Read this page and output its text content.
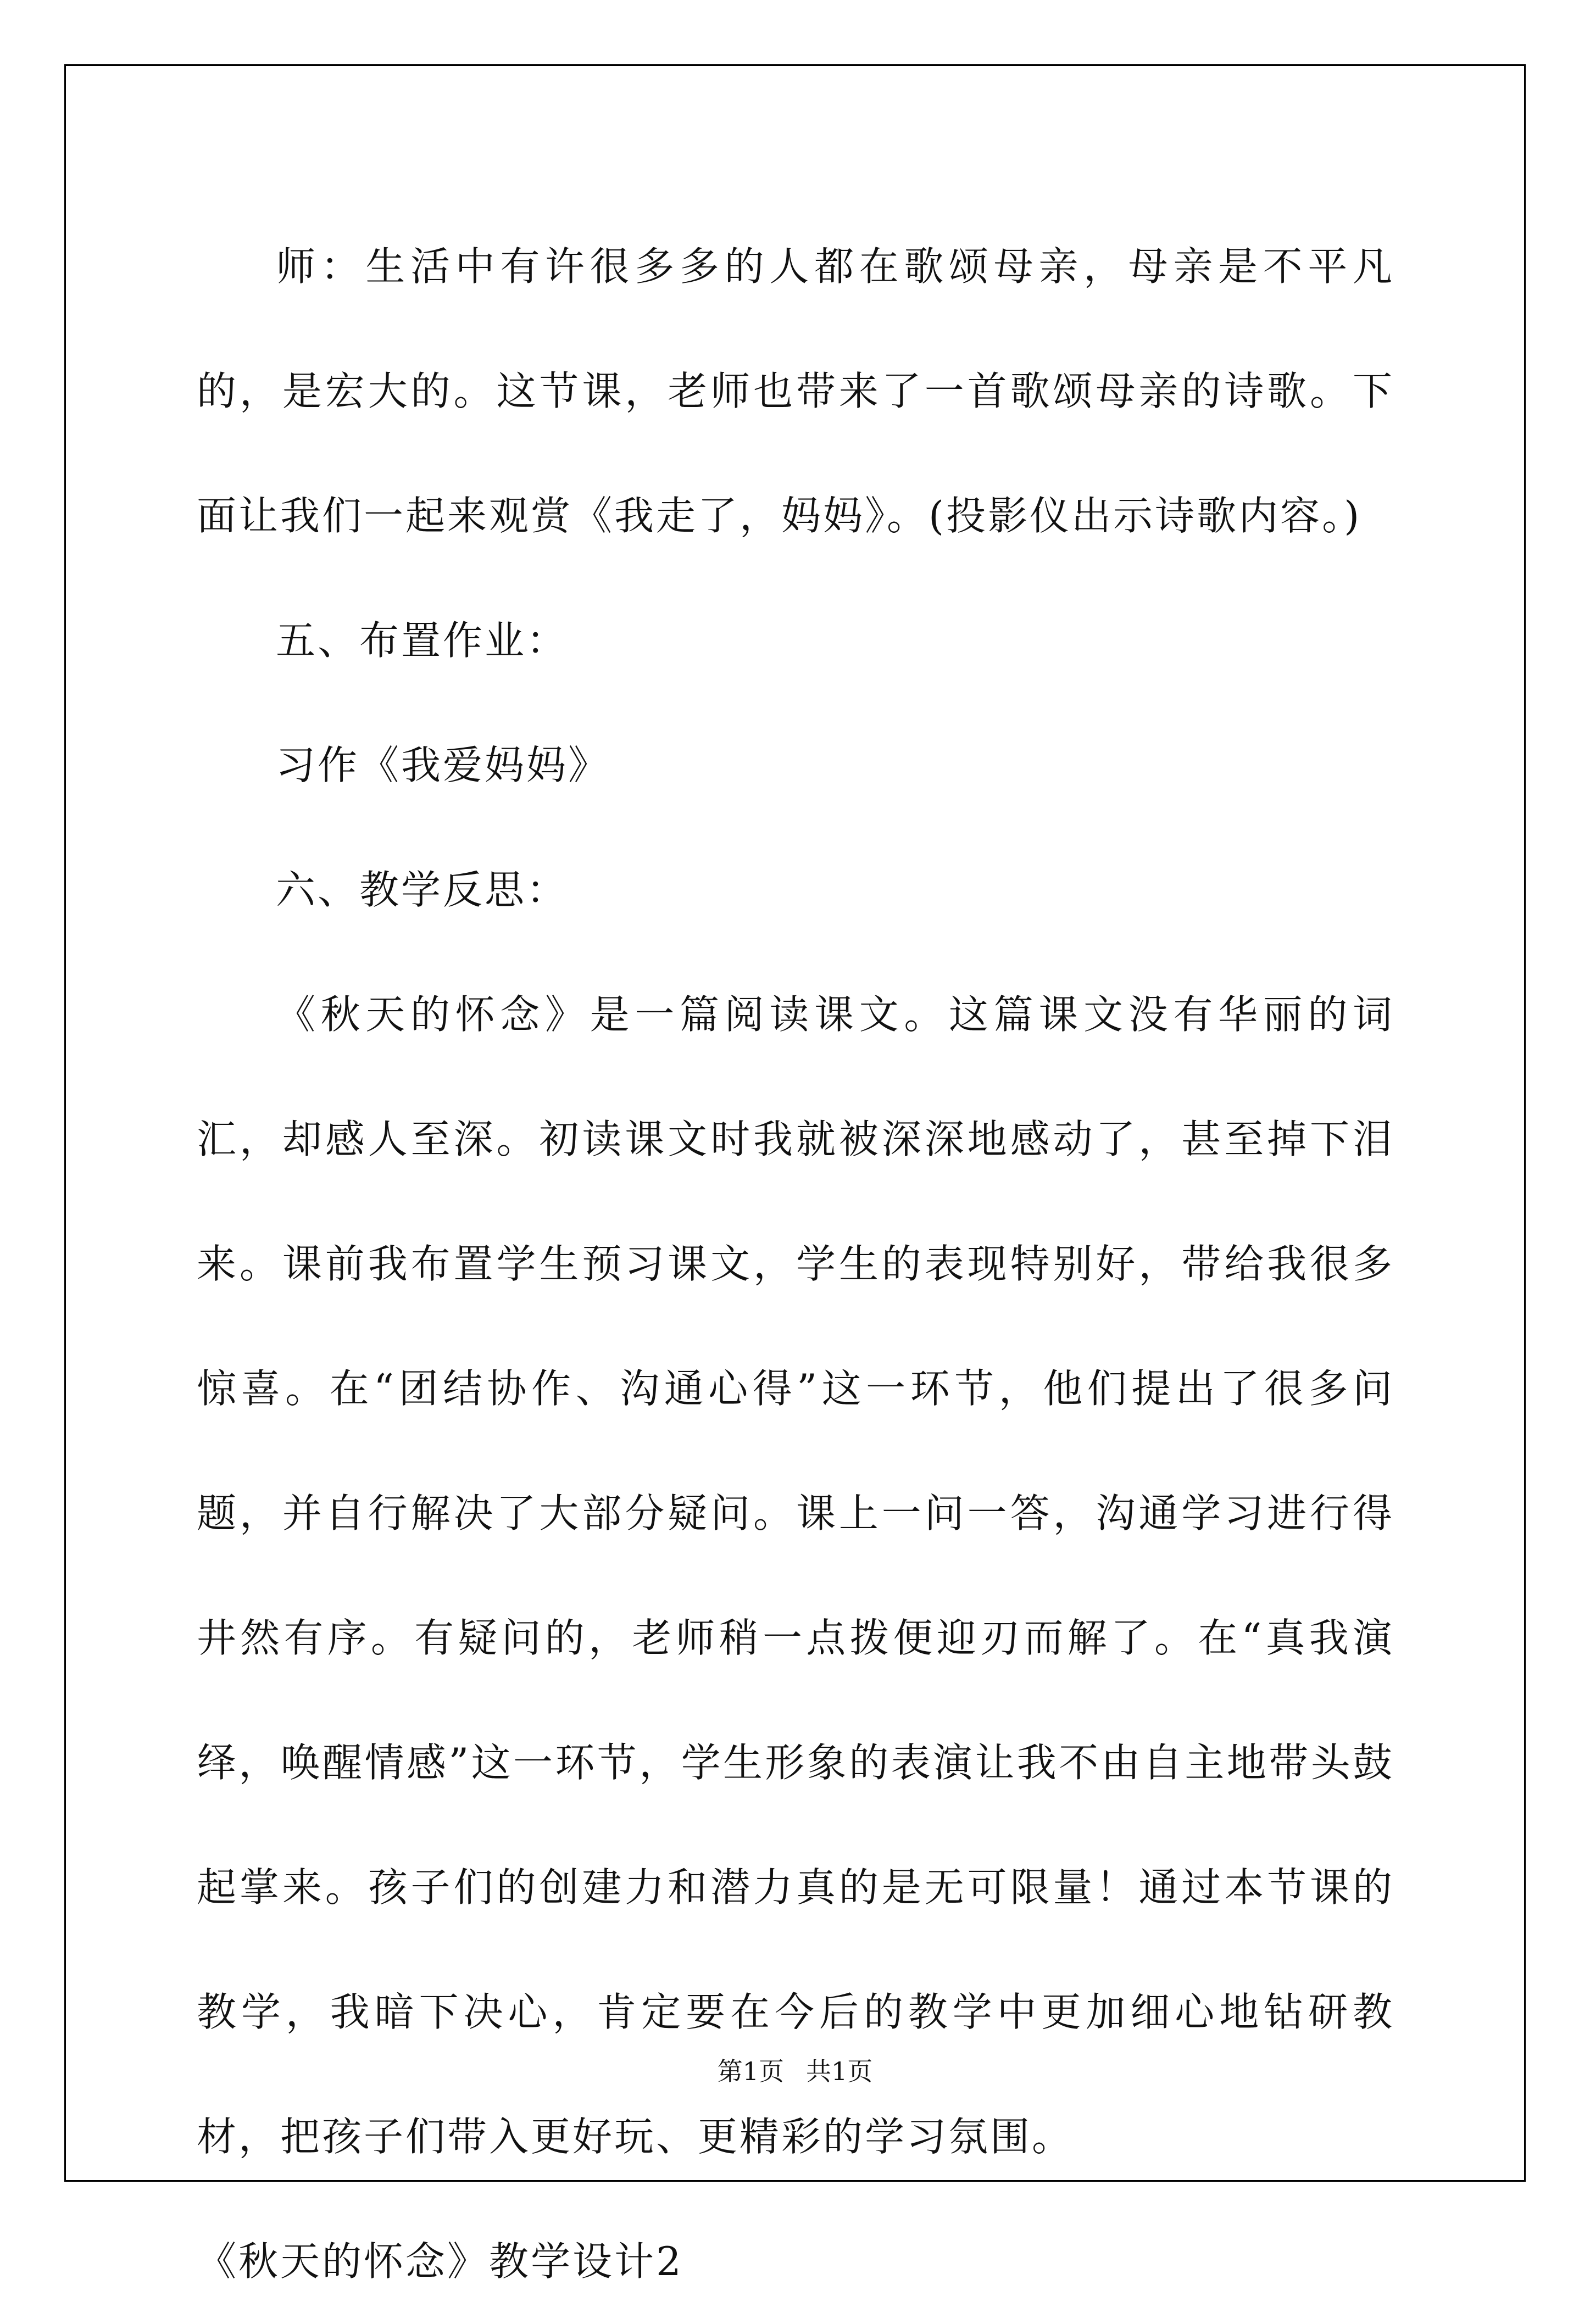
师：生活中有许很多多的人都在歌颂母亲，母亲是不平凡的，是宏大的。这节课，老师也带来了一首歌颂母亲的诗歌。下面让我们一起来观赏《我走了，妈妈》。(投影仪出示诗歌内容。)

五、布置作业：

习作《我爱妈妈》

六、教学反思：

《秋天的怀念》是一篇阅读课文。这篇课文没有华丽的词汇，却感人至深。初读课文时我就被深深地感动了，甚至掉下泪来。课前我布置学生预习课文，学生的表现特别好，带给我很多惊喜。在“团结协作、沟通心得”这一环节，他们提出了很多问题，并自行解决了大部分疑问。课上一问一答，沟通学习进行得井然有序。有疑问的，老师稍一点拨便迎刃而解了。在“真我演绎，唤醒情感”这一环节，学生形象的表演让我不由自主地带头鼓起掌来。孩子们的创建力和潜力真的是无可限量！通过本节课的教学，我暗下决心，肯定要在今后的教学中更加细心地钻研教材，把孩子们带入更好玩、更精彩的学习氛围。

《秋天的怀念》教学设计2

第1页 共1页
